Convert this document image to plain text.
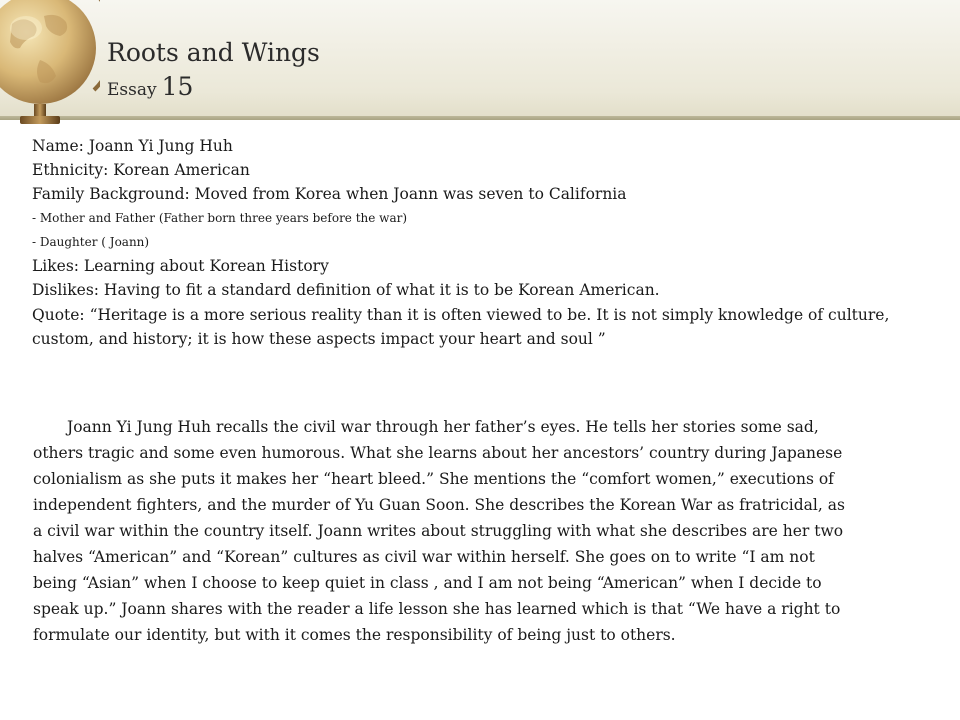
Roots and Wings
Essay 15
Name: Joann Yi Jung Huh
Ethnicity: Korean American
Family Background: Moved from Korea when Joann was seven to California
- Mother and Father (Father born three years before the war)
- Daughter ( Joann)
Likes: Learning about Korean History
Dislikes: Having to fit a standard definition of what it is to be Korean American.
Quote: “Heritage is a more serious reality than it is often viewed to be. It is not simply knowledge of culture,
custom, and history; it is how these aspects impact your heart and soul ”
Joann Yi Jung Huh recalls the civil war through her father’s eyes. He tells her stories some sad,
others tragic and some even humorous. What she learns about her ancestors’ country during Japanese
colonialism as she puts it makes her “heart bleed.” She mentions the “comfort women,” executions of
independent fighters, and the murder of Yu Guan Soon. She describes the Korean War as fratricidal, as
a civil war within the country itself. Joann writes about struggling with what she describes are her two
halves “American” and “Korean” cultures as civil war within herself. She goes on to write “I am not
being “Asian” when I choose to keep quiet in class , and I am not being “American” when I decide to
speak up.” Joann shares with the reader a life lesson she has learned which is that “We have a right to
formulate our identity, but with it comes the responsibility of being just to others.
